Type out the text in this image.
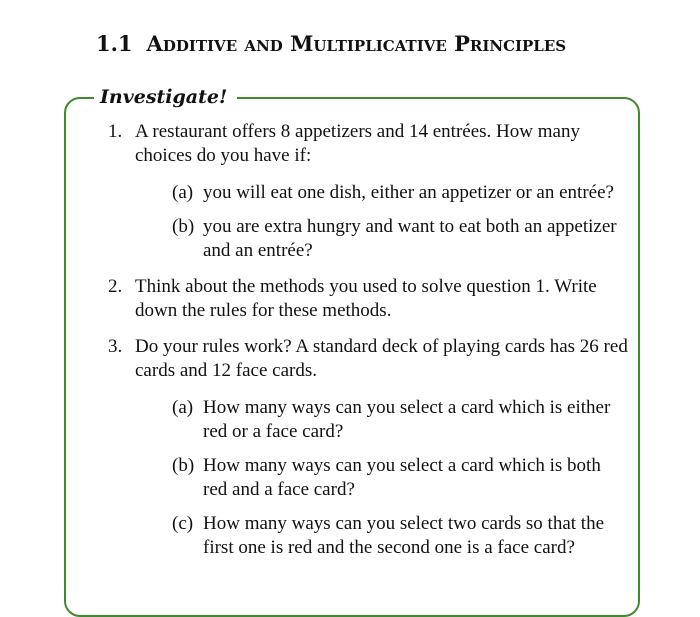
1.1 Additive and Multiplicative Principles
Investigate!
1. A restaurant offers 8 appetizers and 14 entrées. How many choices do you have if:
(a) you will eat one dish, either an appetizer or an entrée?
(b) you are extra hungry and want to eat both an appetizer and an entrée?
2. Think about the methods you used to solve question 1. Write down the rules for these methods.
3. Do your rules work? A standard deck of playing cards has 26 red cards and 12 face cards.
(a) How many ways can you select a card which is either red or a face card?
(b) How many ways can you select a card which is both red and a face card?
(c) How many ways can you select two cards so that the first one is red and the second one is a face card?
